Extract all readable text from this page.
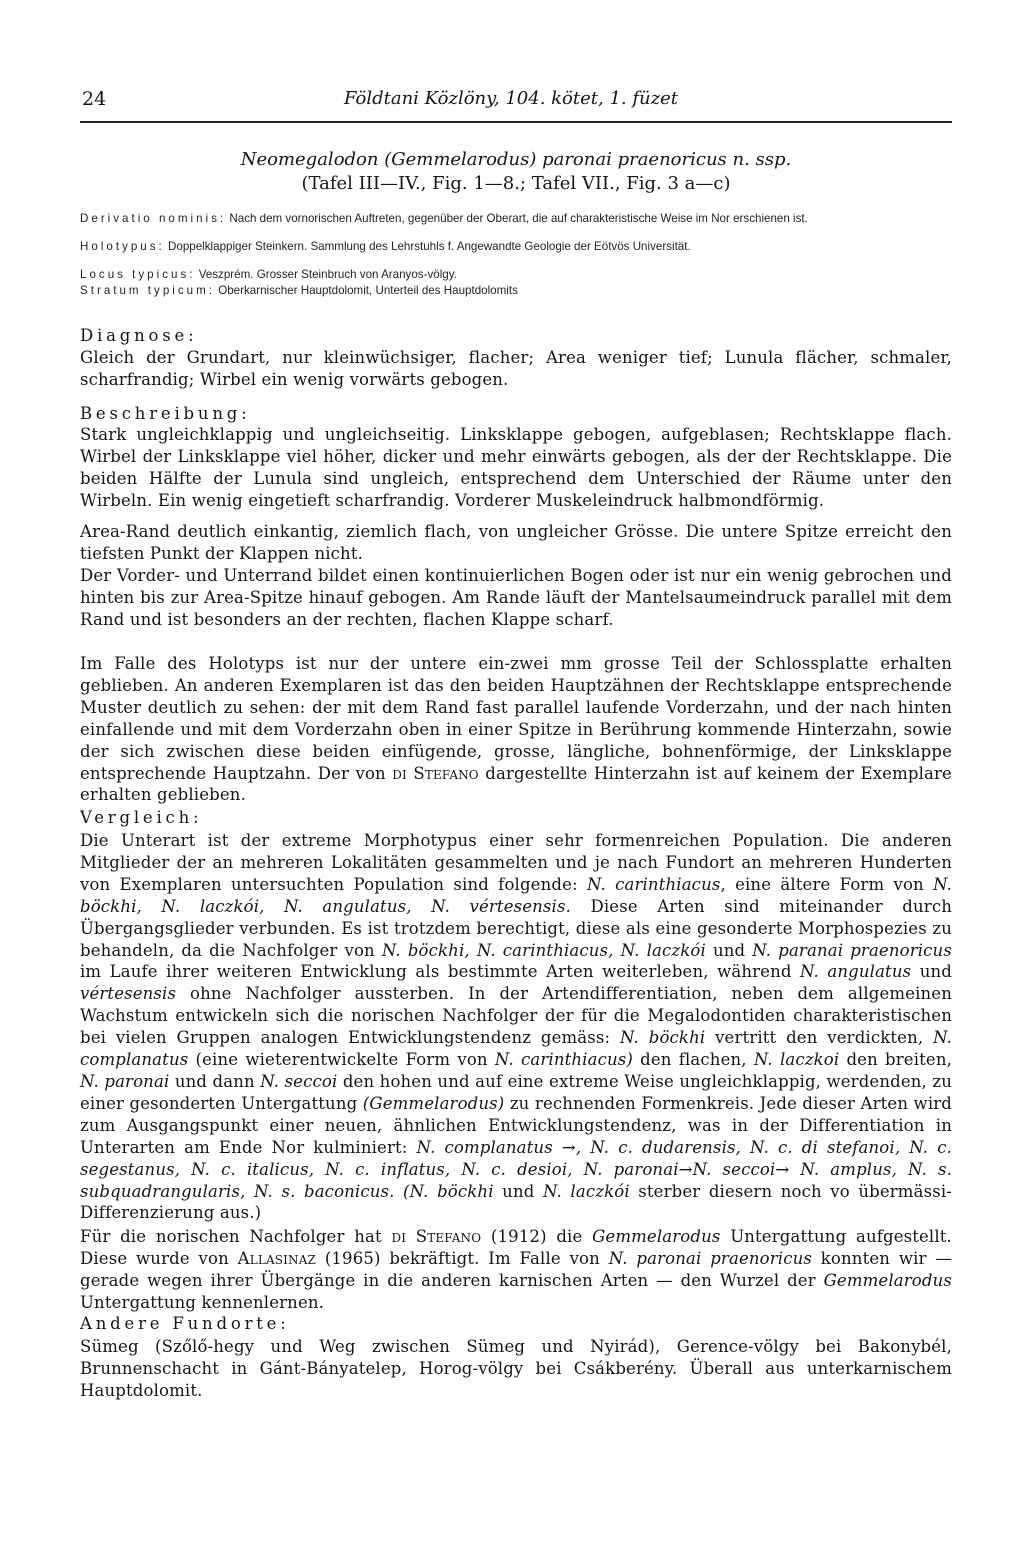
24	Földtani Közlöny, 104. kötet, 1. füzet
Neomegalodon (Gemmelarodus) paronai praenoricus n. ssp.
(Tafel III—IV., Fig. 1—8.; Tafel VII., Fig. 3 a—c)
Derivatio nominis: Nach dem vornorischen Auftreten, gegenüber der Oberart, die auf charakteristische Weise im Nor erschienen ist.
Holotypus: Doppelklappiger Steinkern. Sammlung des Lehrstuhls f. Angewandte Geologie der Eötvös Universität.
Locus typicus: Veszprém. Grosser Steinbruch von Aranyos-völgy.
Stratum typicum: Oberkarnischer Hauptdolomit, Unterteil des Hauptdolomits
Diagnose:
Gleich der Grundart, nur kleinwüchsiger, flacher; Area weniger tief; Lunula flächer, schmaler, scharfrandig; Wirbel ein wenig vorwärts gebogen.
Beschreibung:
Stark ungleichklappig und ungleichseitig. Linksklappe gebogen, aufgeblasen; Rechtsklappe flach. Wirbel der Linksklappe viel höher, dicker und mehr einwärts gebogen, als der der Rechtsklappe. Die beiden Hälfte der Lunula sind ungleich, entsprechend dem Unterschied der Räume unter den Wirbeln. Ein wenig eingetieft scharfrandig. Vorderer Muskeleindruck halbmondförmig.
Area-Rand deutlich einkantig, ziemlich flach, von ungleicher Grösse. Die untere Spitze erreicht den tiefsten Punkt der Klappen nicht.
Der Vorder- und Unterrand bildet einen kontinuierlichen Bogen oder ist nur ein wenig gebrochen und hinten bis zur Area-Spitze hinauf gebogen. Am Rande läuft der Mantelsaumeindruck parallel mit dem Rand und ist besonders an der rechten, flachen Klappe scharf.
Im Falle des Holotyps ist nur der untere ein-zwei mm grosse Teil der Schlossplatte erhalten geblieben. An anderen Exemplaren ist das den beiden Hauptzähnen der Rechtsklappe entsprechende Muster deutlich zu sehen: der mit dem Rand fast parallel laufende Vorderzahn, und der nach hinten einfallende und mit dem Vorderzahn oben in einer Spitze in Berührung kommende Hinterzahn, sowie der sich zwischen diese beiden einfügende, grosse, längliche, bohnenförmige, der Linksklappe entsprechende Hauptzahn. Der von di Stefano dargestellte Hinterzahn ist auf keinem der Exemplare erhalten geblieben.
Vergleich:
Die Unterart ist der extreme Morphotypus einer sehr formenreichen Population. Die anderen Mitglieder der an mehreren Lokalitäten gesammelten und je nach Fundort an mehreren Hunderten von Exemplaren untersuchten Population sind folgende: N. carinthiacus, eine ältere Form von N. böckhi, N. laczkói, N. angulatus, N. vértesensis. Diese Arten sind miteinander durch Übergangsglieder verbunden. Es ist trotzdem berechtigt, diese als eine gesonderte Morphospezies zu behandeln, da die Nachfolger von N. böckhi, N. carinthiacus, N. laczkói und N. paranai praenoricus im Laufe ihrer weiteren Entwicklung als bestimmte Arten weiterleben, während N. angulatus und vértesensis ohne Nachfolger aussterben. In der Artendifferentiation, neben dem allgemeinen Wachstum entwickeln sich die norischen Nachfolger der für die Megalodontiden charakteristischen bei vielen Gruppen analogen Entwicklungstendenz gemäss: N. böckhi vertritt den verdickten, N. complanatus (eine wieterentwickelte Form von N. carinthiacus) den flachen, N. laczkoi den breiten, N. paronai und dann N. seccoi den hohen und auf eine extreme Weise ungleichklappig, werdenden, zu einer gesonderten Untergattung (Gemmelarodus) zu rechnenden Formenkreis. Jede dieser Arten wird zum Ausgangspunkt einer neuen, ähnlichen Entwicklungstendenz, was in der Differentiation in Unterarten am Ende Nor kulminiert: N. complanatus →, N. c. dudarensis, N. c. di stefanoi, N. c. segestanus, N. c. italicus, N. c. inflatus, N. c. desioi, N. paronai→N. seccoi→ N. amplus, N. s. subquadrangularis, N. s. baconicus. (N. böckhi und N. laczkói sterber diesern noch vo übermässi-Differenzierung aus.)
Für die norischen Nachfolger hat di Stefano (1912) die Gemmelarodus Untergattung aufgestellt. Diese wurde von Allasinaz (1965) bekräftigt. Im Falle von N. paronai praenoricus konnten wir — gerade wegen ihrer Übergänge in die anderen karnischen Arten — den Wurzel der Gemmelarodus Untergattung kennenlernen.
Andere Fundorte:
Sümeg (Szőlő-hegy und Weg zwischen Sümeg und Nyirád), Gerence-völgy bei Bakonybél, Brunnenschacht in Gánt-Bányatelep, Horog-völgy bei Csákberény. Überall aus unterkarnischem Hauptdolomit.
